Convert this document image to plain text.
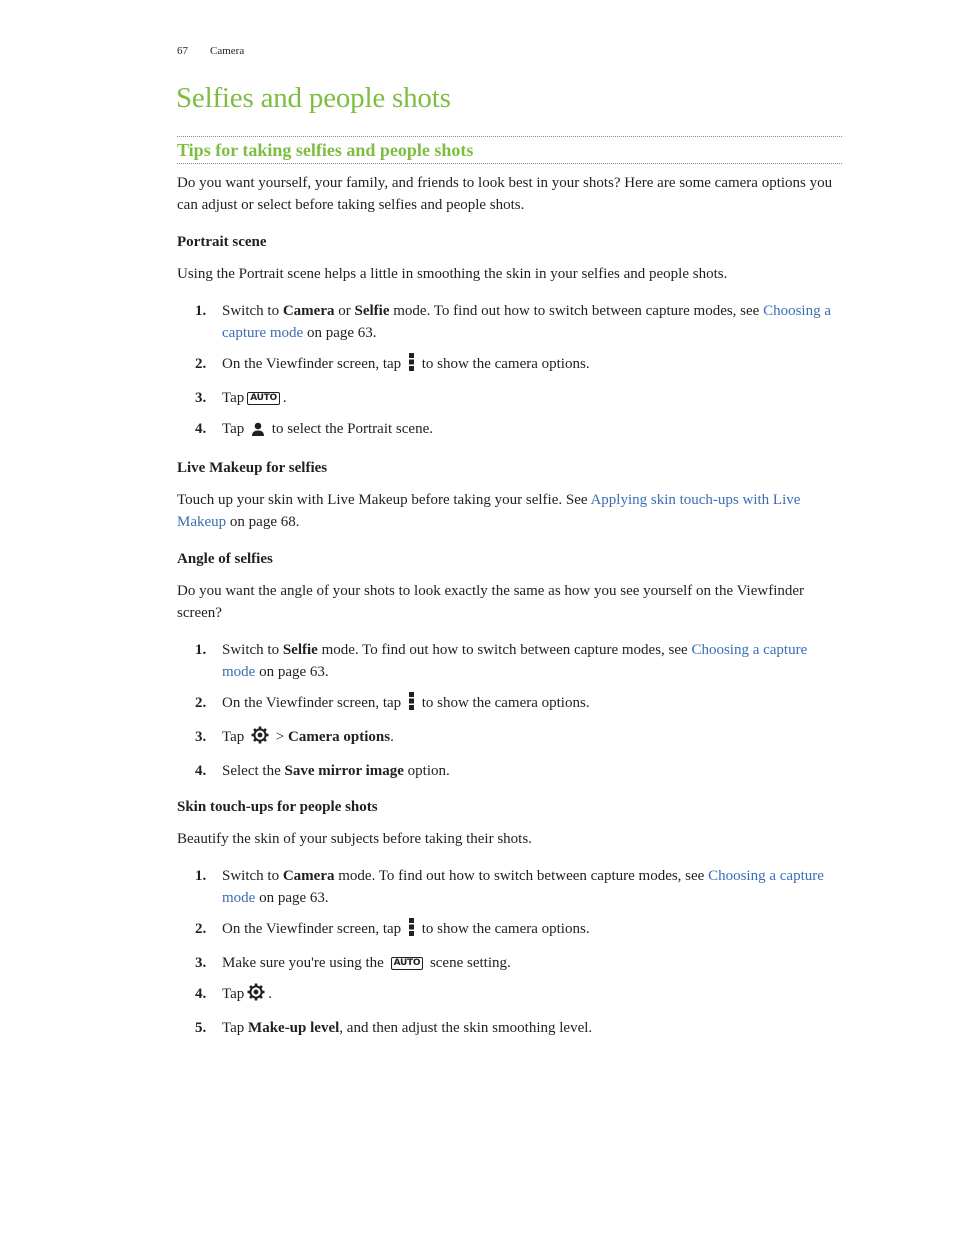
67 Camera
Selfies and people shots
Tips for taking selfies and people shots

Do you want yourself, your family, and friends to look best in your shots? Here are some camera options you can adjust or select before taking selfies and people shots.

Portrait scene

Using the Portrait scene helps a little in smoothing the skin in your selfies and people shots.

1. Switch to Camera or Selfie mode. To find out how to switch between capture modes, see Choosing a capture mode on page 63.
2. On the Viewfinder screen, tap to show the camera options.
3. Tap AUTO .
4. Tap to select the Portrait scene.
Live Makeup for selfies

Touch up your skin with Live Makeup before taking your selfie. See Applying skin touch-ups with Live Makeup on page 68.

Angle of selfies

Do you want the angle of your shots to look exactly the same as how you see yourself on the Viewfinder screen?

1. Switch to Selfie mode. To find out how to switch between capture modes, see Choosing a capture mode on page 63.
2. On the Viewfinder screen, tap to show the camera options.
3. Tap  > Camera options.
4. Select the Save mirror image option.
Skin touch-ups for people shots

Beautify the skin of your subjects before taking their shots.

1. Switch to Camera mode. To find out how to switch between capture modes, see Choosing a capture mode on page 63.
2. On the Viewfinder screen, tap to show the camera options.
3. Make sure you're using the AUTO scene setting.
4. Tap .
5. Tap Make-up level, and then adjust the skin smoothing level.
